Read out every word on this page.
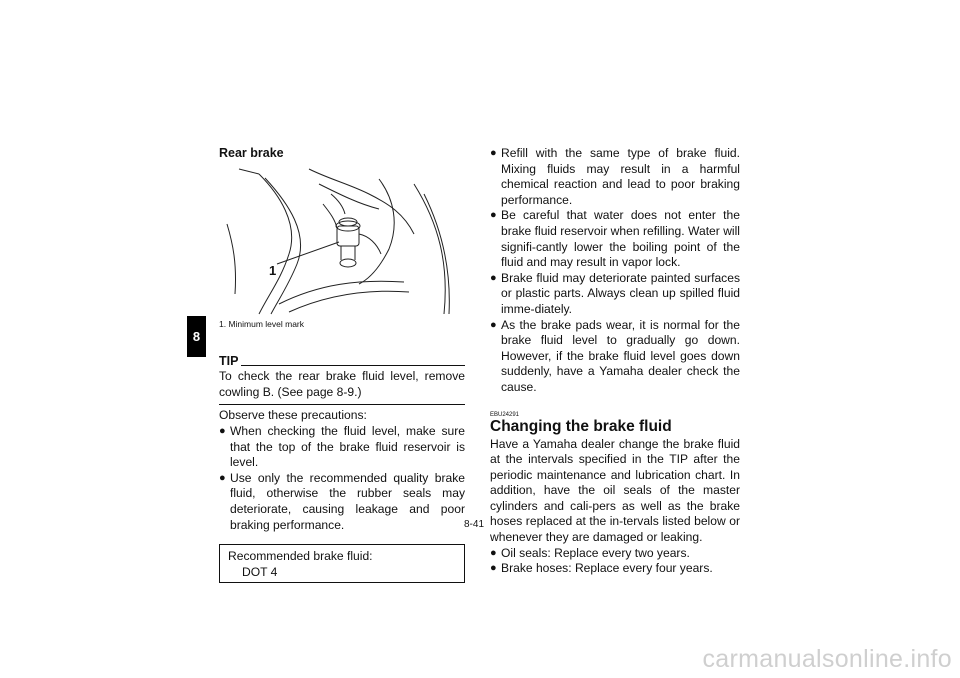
8
Rear brake
1
1. Minimum level mark
TIP
To check the rear brake fluid level, remove cowling B. (See page 8-9.)

Observe these precautions:

● When checking the fluid level, make sure that the top of the brake fluid reservoir is level.
● Use only the recommended quality brake fluid, otherwise the rubber seals may deteriorate, causing leakage and poor braking performance.
Recommended brake fluid:
DOT 4
● Refill with the same type of brake fluid. Mixing fluids may result in a harmful chemical reaction and lead to poor braking performance.
● Be careful that water does not enter the brake fluid reservoir when refilling. Water will signifi-cantly lower the boiling point of the fluid and may result in vapor lock.
● Brake fluid may deteriorate painted surfaces or plastic parts. Always clean up spilled fluid imme-diately.
● As the brake pads wear, it is normal for the brake fluid level to gradually go down. However, if the brake fluid level goes down suddenly, have a Yamaha dealer check the cause.
EBU24291
Changing the brake fluid

Have a Yamaha dealer change the brake fluid at the intervals specified in the TIP after the periodic maintenance and lubrication chart. In addition, have the oil seals of the master cylinders and cali-pers as well as the brake hoses replaced at the in-tervals listed below or whenever they are damaged or leaking.

● Oil seals: Replace every two years.
● Brake hoses: Replace every four years.
8-41
carmanualsonline.info
